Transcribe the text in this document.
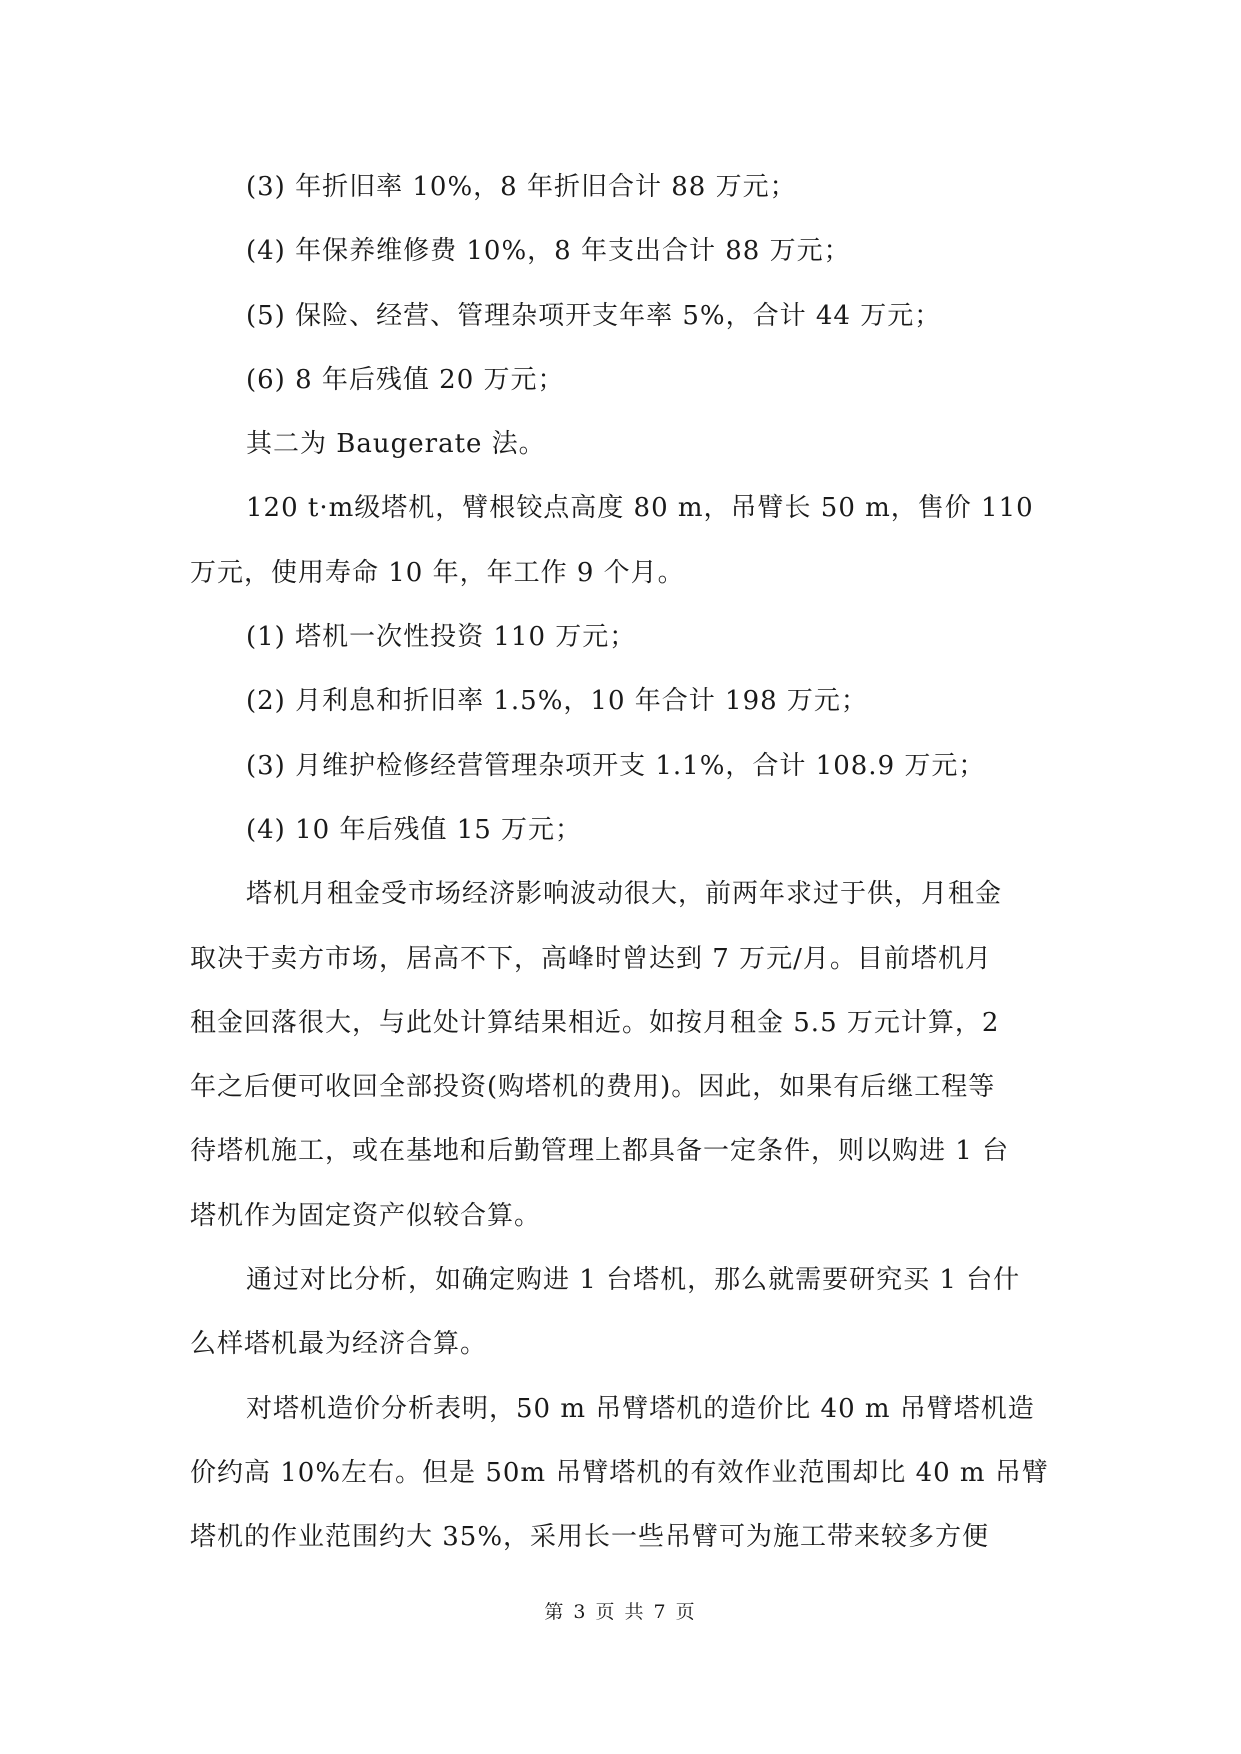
(3) 年折旧率 10%，8 年折旧合计 88 万元；
(4) 年保养维修费 10%，8 年支出合计 88 万元；
(5) 保险、经营、管理杂项开支年率 5%，合计 44 万元；
(6) 8 年后残值 20 万元；
其二为 Baugerate 法。
120 t·m级塔机，臂根铰点高度 80 m，吊臂长 50 m，售价 110
万元，使用寿命 10 年，年工作 9 个月。
(1) 塔机一次性投资 110 万元；
(2) 月利息和折旧率 1.5%，10 年合计 198 万元；
(3) 月维护检修经营管理杂项开支 1.1%，合计 108.9 万元；
(4) 10 年后残值 15 万元；
塔机月租金受市场经济影响波动很大，前两年求过于供，月租金
取决于卖方市场，居高不下，高峰时曾达到 7 万元/月。目前塔机月
租金回落很大，与此处计算结果相近。如按月租金 5.5 万元计算，2
年之后便可收回全部投资(购塔机的费用)。因此，如果有后继工程等
待塔机施工，或在基地和后勤管理上都具备一定条件，则以购进 1 台
塔机作为固定资产似较合算。
通过对比分析，如确定购进 1 台塔机，那么就需要研究买 1 台什
么样塔机最为经济合算。
对塔机造价分析表明，50 m 吊臂塔机的造价比 40 m 吊臂塔机造
价约高 10%左右。但是 50m 吊臂塔机的有效作业范围却比 40 m 吊臂
塔机的作业范围约大 35%，采用长一些吊臂可为施工带来较多方便
第 3 页 共 7 页
